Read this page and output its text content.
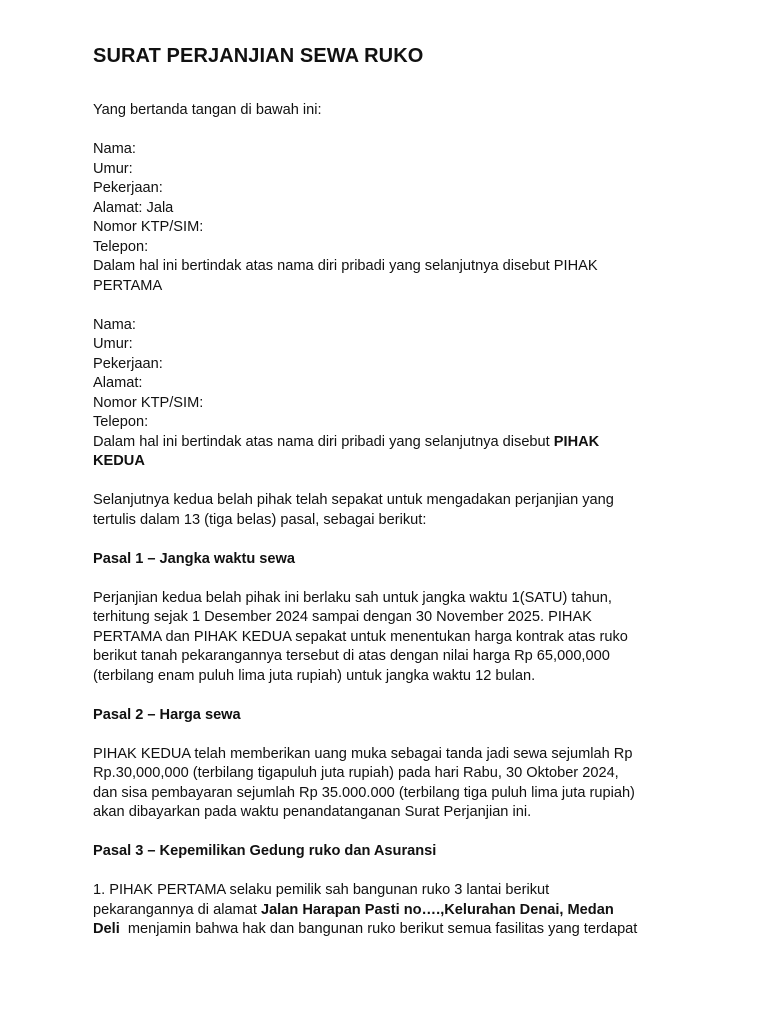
SURAT PERJANJIAN SEWA RUKO

Yang bertanda tangan di bawah ini:

Nama:
Umur:
Pekerjaan:
Alamat: Jala
Nomor KTP/SIM:
Telepon:
Dalam hal ini bertindak atas nama diri pribadi yang selanjutnya disebut PIHAK
PERTAMA
Nama:
Umur:
Pekerjaan:
Alamat:
Nomor KTP/SIM:
Telepon:
Dalam hal ini bertindak atas nama diri pribadi yang selanjutnya disebut PIHAK
KEDUA
Selanjutnya kedua belah pihak telah sepakat untuk mengadakan perjanjian yang
tertulis dalam 13 (tiga belas) pasal, sebagai berikut:

Pasal 1 – Jangka waktu sewa

Perjanjian kedua belah pihak ini berlaku sah untuk jangka waktu 1(SATU) tahun,
terhitung sejak 1 Desember 2024 sampai dengan 30 November 2025. PIHAK
PERTAMA dan PIHAK KEDUA sepakat untuk menentukan harga kontrak atas ruko
berikut tanah pekarangannya tersebut di atas dengan nilai harga Rp 65,000,000
(terbilang enam puluh lima juta rupiah) untuk jangka waktu 12 bulan.

Pasal 2 – Harga sewa

PIHAK KEDUA telah memberikan uang muka sebagai tanda jadi sewa sejumlah Rp
Rp.30,000,000 (terbilang tigapuluh juta rupiah) pada hari Rabu, 30 Oktober 2024,
dan sisa pembayaran sejumlah Rp 35.000.000 (terbilang tiga puluh lima juta rupiah)
akan dibayarkan pada waktu penandatanganan Surat Perjanjian ini.

Pasal 3 – Kepemilikan Gedung ruko dan Asuransi

1. PIHAK PERTAMA selaku pemilik sah bangunan ruko 3 lantai berikut
pekarangannya di alamat Jalan Harapan Pasti no….,Kelurahan Denai, Medan
Deli  menjamin bahwa hak dan bangunan ruko berikut semua fasilitas yang terdapat
